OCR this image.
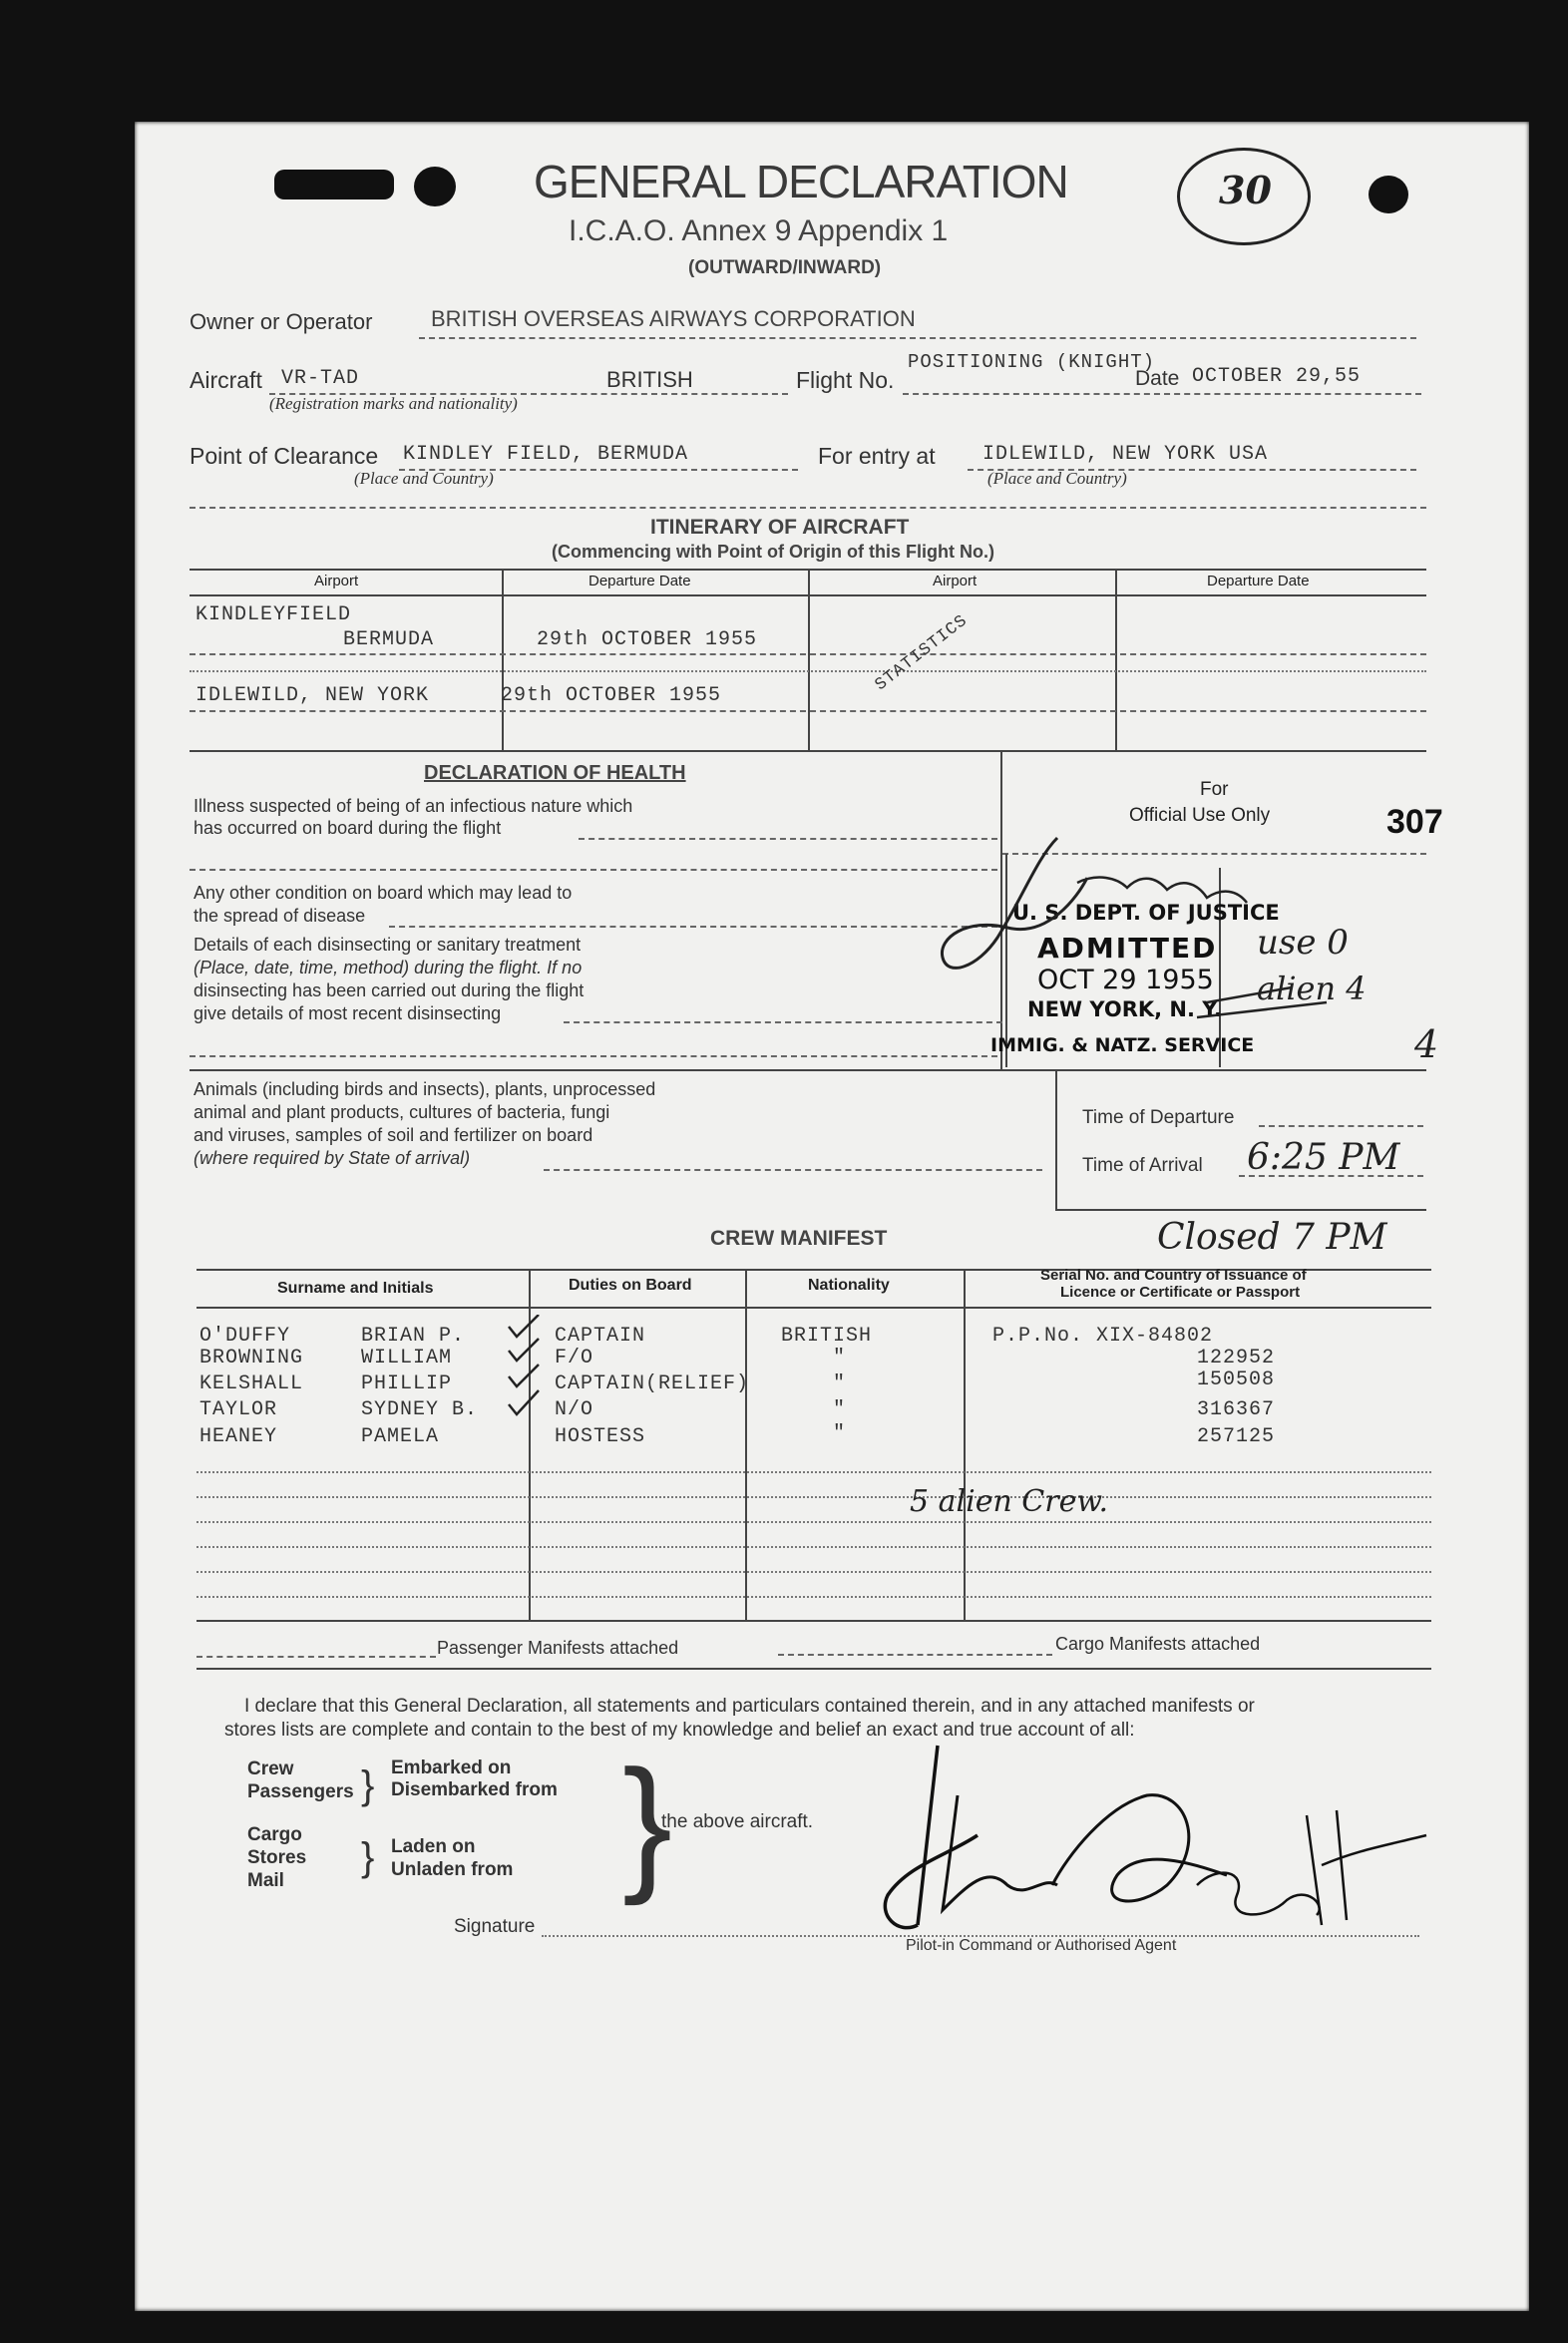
GENERAL DECLARATION
I.C.A.O. Annex 9 Appendix 1
(OUTWARD/INWARD)
30
Owner or Operator	BRITISH OVERSEAS AIRWAYS CORPORATION
Aircraft VR-TAD	BRITISH
(Registration marks and nationality)
Flight No.
POSITIONING (KNIGHT)
Date OCTOBER 29,55
Point of Clearance KINDLEY FIELD, BERMUDA
(Place and Country)
For entry at IDLEWILD, NEW YORK USA
(Place and Country)
ITINERARY OF AIRCRAFT
(Commencing with Point of Origin of this Flight No.)
Airport	Departure Date	Airport	Departure Date
KINDLEYFIELD
BERMUDA	29th OCTOBER 1955
IDLEWILD, NEW YORK	29th OCTOBER 1955
STATISTICS
DECLARATION OF HEALTH
Illness suspected of being of an infectious nature which
has occurred on board during the flight
Any other condition on board which may lead to
the spread of disease
Details of each disinsecting or sanitary treatment
(Place, date, time, method) during the flight. If no
disinsecting has been carried out during the flight
give details of most recent disinsecting
Animals (including birds and insects), plants, unprocessed
animal and plant products, cultures of bacteria, fungi
and viruses, samples of soil and fertilizer on board
(where required by State of arrival)
For
Official Use Only	307
U. S. DEPT. OF JUSTICE
ADMITTED
OCT 29 1955
NEW YORK, N. Y.
IMMIG. & NATZ. SERVICE
use 0
alien 4
4
Time of Departure
Time of Arrival 6:25 PM
CREW MANIFEST	Closed 7 PM
Surname and Initials	Duties on Board	Nationality
Serial No. and Country of Issuance of
Licence or Certificate or Passport
O'DUFFY	BRIAN P.	CAPTAIN	BRITISH	P.P.No. XIX-84802
BROWNING	WILLIAM	F/O	"	122952
KELSHALL	PHILLIP	CAPTAIN(RELIEF)	"	150508
TAYLOR	SYDNEY B.	N/O	"	316367
HEANEY	PAMELA	HOSTESS	"	257125
5 alien Crew.
Passenger Manifests attached	Cargo Manifests attached
I declare that this General Declaration, all statements and particulars contained therein, and in any attached manifests or
stores lists are complete and contain to the best of my knowledge and belief an exact and true account of all:
Crew
Passengers
Embarked on
Disembarked from
Cargo
Stores
Mail
Laden on
Unladen from
}
} }
the above aircraft.
Signature
Pilot-in Command or Authorised Agent
